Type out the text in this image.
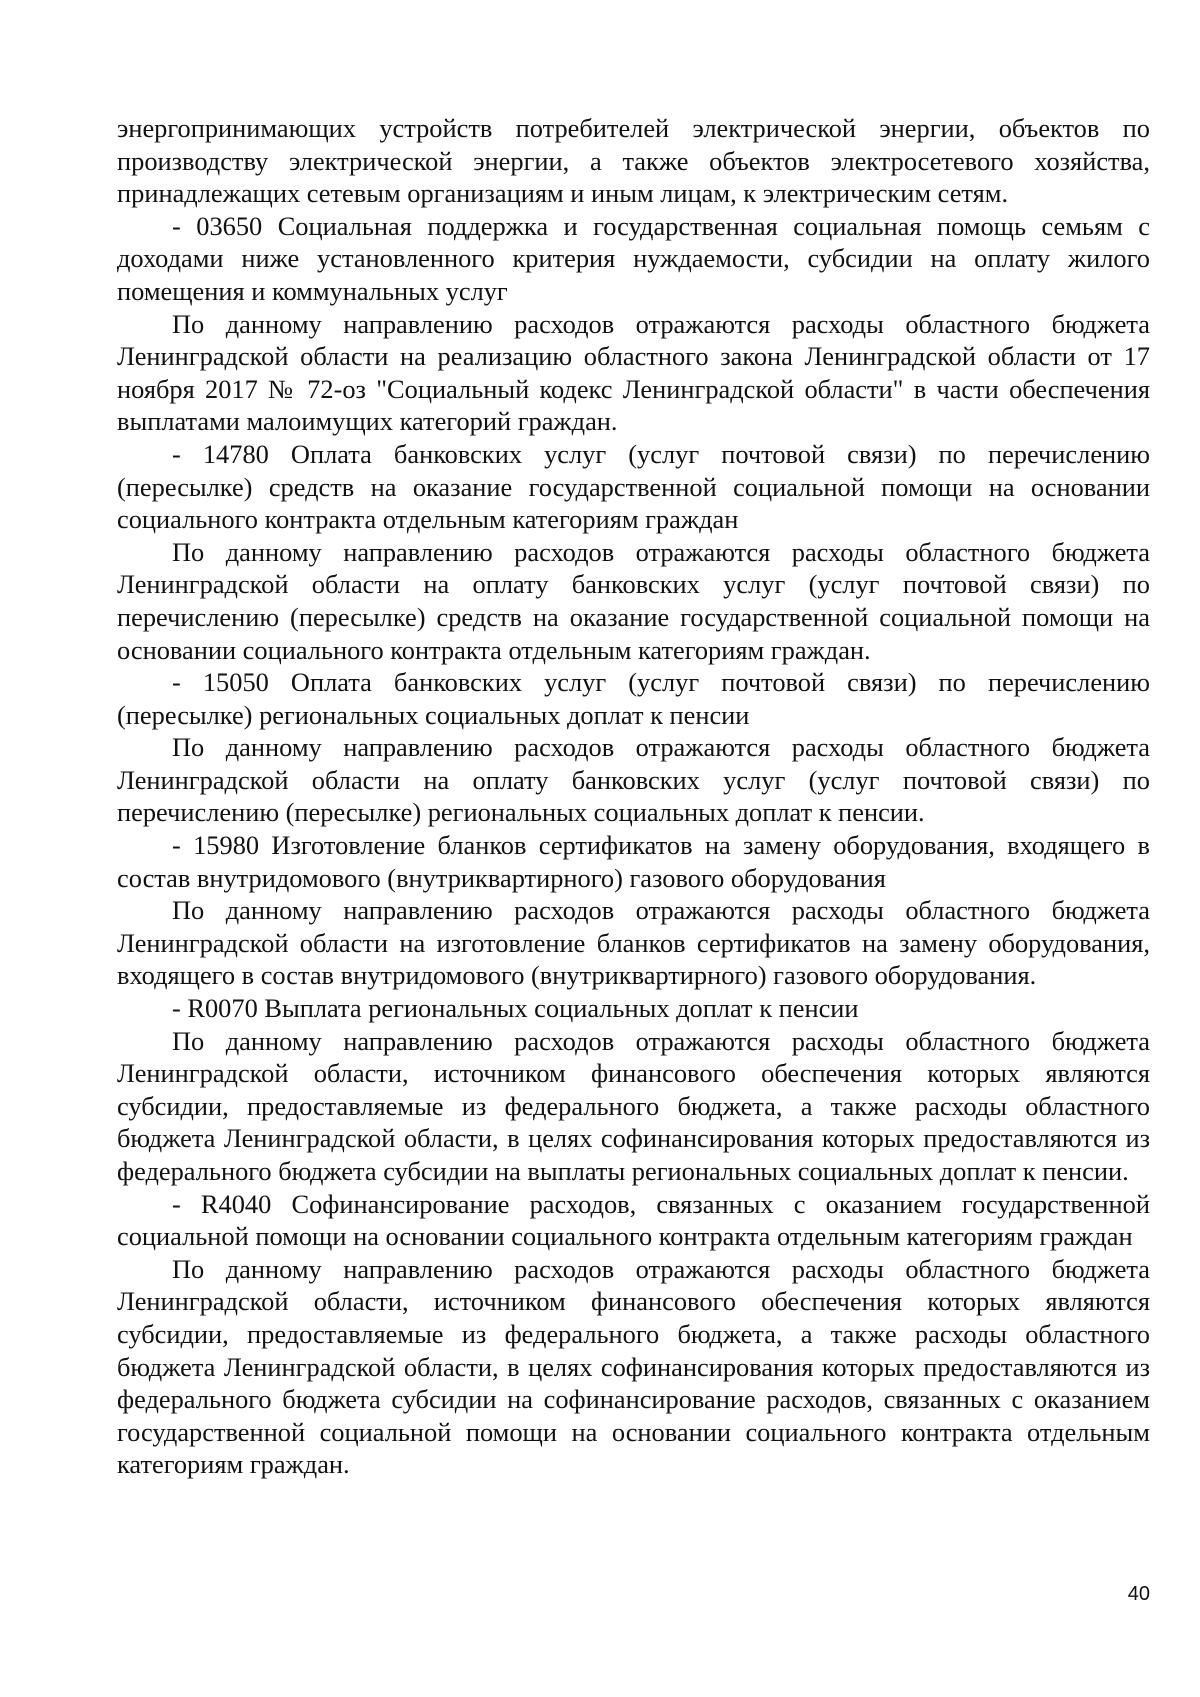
энергопринимающих устройств потребителей электрической энергии, объектов по производству электрической энергии, а также объектов электросетевого хозяйства, принадлежащих сетевым организациям и иным лицам, к электрическим сетям.

- 03650 Социальная поддержка и государственная социальная помощь семьям с доходами ниже установленного критерия нуждаемости, субсидии на оплату жилого помещения и коммунальных услуг

По данному направлению расходов отражаются расходы областного бюджета Ленинградской области на реализацию областного закона Ленинградской области от 17 ноября 2017 № 72-оз "Социальный кодекс Ленинградской области" в части обеспечения выплатами малоимущих категорий граждан.

- 14780 Оплата банковских услуг (услуг почтовой связи) по перечислению (пересылке) средств на оказание государственной социальной помощи на основании социального контракта отдельным категориям граждан

По данному направлению расходов отражаются расходы областного бюджета Ленинградской области на оплату банковских услуг (услуг почтовой связи) по перечислению (пересылке) средств на оказание государственной социальной помощи на основании социального контракта отдельным категориям граждан.

- 15050 Оплата банковских услуг (услуг почтовой связи) по перечислению (пересылке) региональных социальных доплат к пенсии

По данному направлению расходов отражаются расходы областного бюджета Ленинградской области на оплату банковских услуг (услуг почтовой связи) по перечислению (пересылке) региональных социальных доплат к пенсии.

- 15980 Изготовление бланков сертификатов на замену оборудования, входящего в состав внутридомового (внутриквартирного) газового оборудования

По данному направлению расходов отражаются расходы областного бюджета Ленинградской области на изготовление бланков сертификатов на замену оборудования, входящего в состав внутридомового (внутриквартирного) газового оборудования.

- R0070 Выплата региональных социальных доплат к пенсии

По данному направлению расходов отражаются расходы областного бюджета Ленинградской области, источником финансового обеспечения которых являются субсидии, предоставляемые из федерального бюджета, а также расходы областного бюджета Ленинградской области, в целях софинансирования которых предоставляются из федерального бюджета субсидии на выплаты региональных социальных доплат к пенсии.

- R4040 Софинансирование расходов, связанных с оказанием государственной социальной помощи на основании социального контракта отдельным категориям граждан

По данному направлению расходов отражаются расходы областного бюджета Ленинградской области, источником финансового обеспечения которых являются субсидии, предоставляемые из федерального бюджета, а также расходы областного бюджета Ленинградской области, в целях софинансирования которых предоставляются из федерального бюджета субсидии на софинансирование расходов, связанных с оказанием государственной социальной помощи на основании социального контракта отдельным категориям граждан.

40
